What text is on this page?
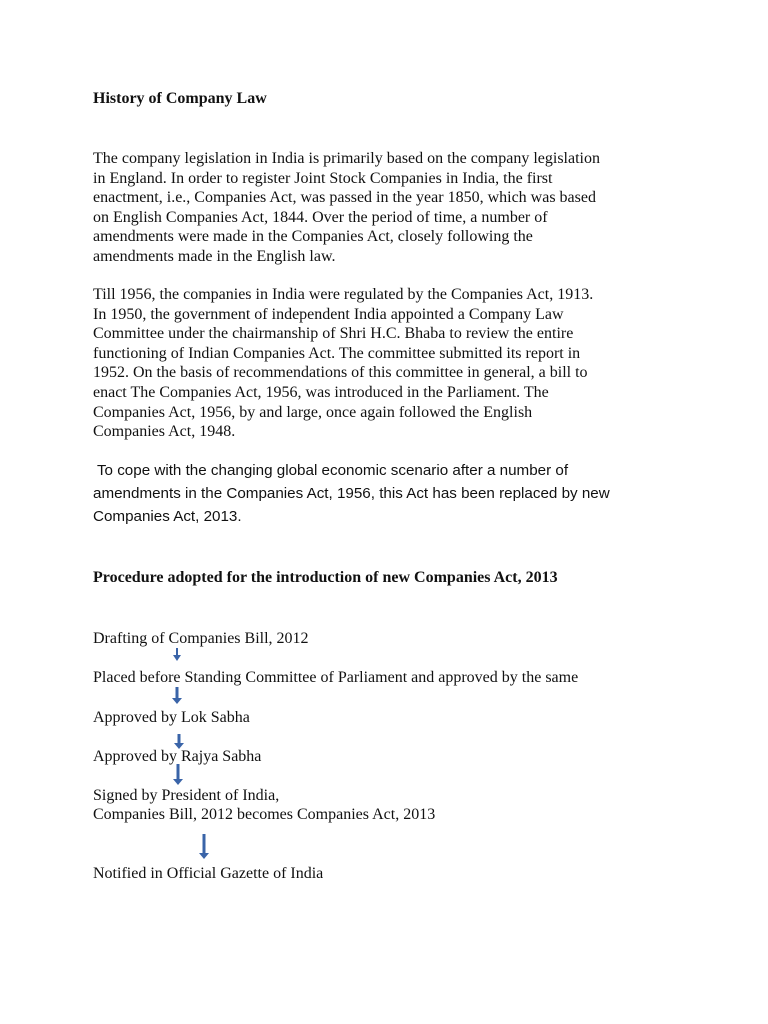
History of Company Law
The company legislation in India is primarily based on the company legislation
in England. In order to register Joint Stock Companies in India, the first
enactment, i.e., Companies Act, was passed in the year 1850, which was based
on English Companies Act, 1844. Over the period of time, a number of
amendments were made in the Companies Act, closely following the
amendments made in the English law.
Till 1956, the companies in India were regulated by the Companies Act, 1913.
In 1950, the government of independent India appointed a Company Law
Committee under the chairmanship of Shri H.C. Bhaba to review the entire
functioning of Indian Companies Act. The committee submitted its report in
1952. On the basis of recommendations of this committee in general, a bill to
enact The Companies Act, 1956, was introduced in the Parliament. The
Companies Act, 1956, by and large, once again followed the English
Companies Act, 1948.
To cope with the changing global economic scenario after a number of
amendments in the Companies Act, 1956, this Act has been replaced by new
Companies Act, 2013.
Procedure adopted for the introduction of new Companies Act, 2013
Drafting of Companies Bill, 2012
Placed before Standing Committee of Parliament and approved by the same
Approved by Lok Sabha
Approved by Rajya Sabha
Signed by President of India,
Companies Bill, 2012 becomes Companies Act, 2013
Notified in Official Gazette of India
